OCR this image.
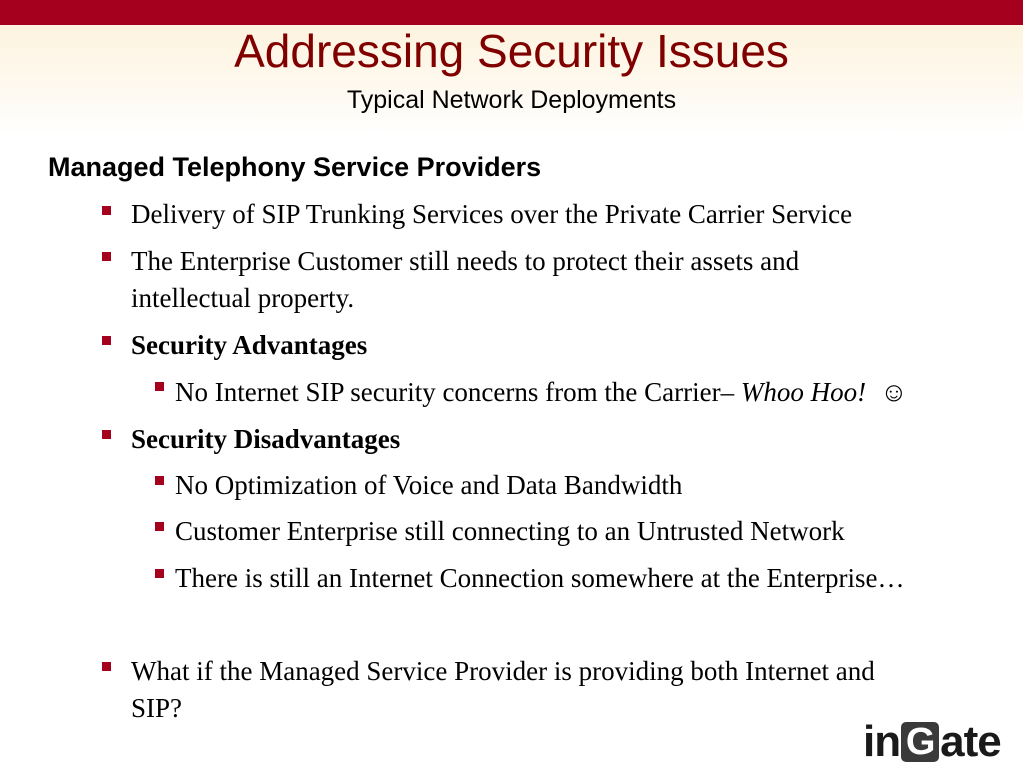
Addressing Security Issues
Typical Network Deployments
Managed Telephony Service Providers
Delivery of SIP Trunking Services over the Private Carrier Service
The Enterprise Customer still needs to protect their assets and
intellectual property.
Security Advantages
No Internet SIP security concerns from the Carrier– Whoo Hoo! ☺
Security Disadvantages
No Optimization of Voice and Data Bandwidth
Customer Enterprise still connecting to an Untrusted Network
There is still an Internet Connection somewhere at the Enterprise…
What if the Managed Service Provider is providing both Internet and
SIP?
in G ate
